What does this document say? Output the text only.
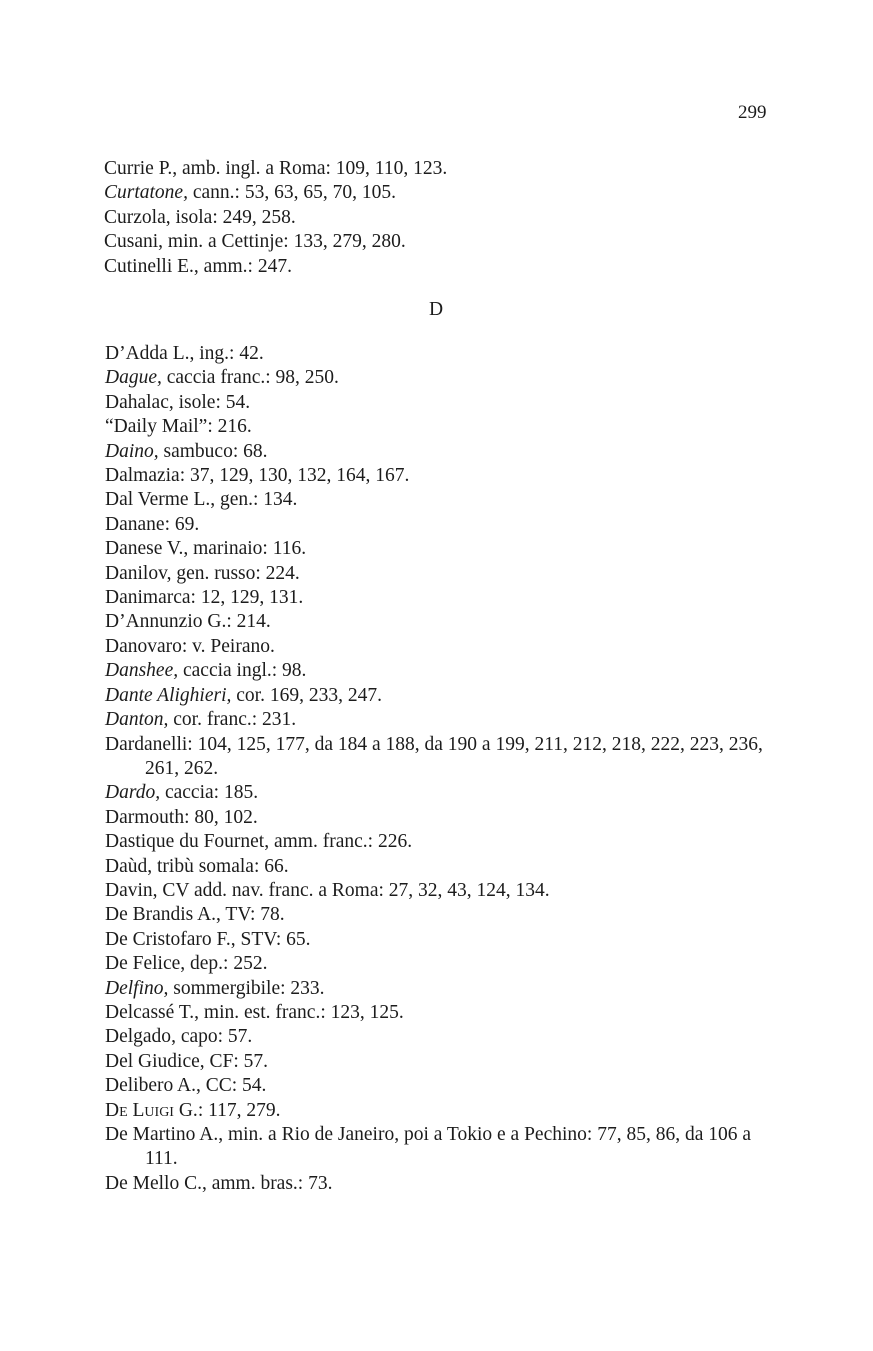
299
Currie P., amb. ingl. a Roma: 109, 110, 123.
Curtatone, cann.: 53, 63, 65, 70, 105.
Curzola, isola: 249, 258.
Cusani, min. a Cettinje: 133, 279, 280.
Cutinelli E., amm.: 247.
D
D’Adda L., ing.: 42.
Dague, caccia franc.: 98, 250.
Dahalac, isole: 54.
“Daily Mail”: 216.
Daino, sambuco: 68.
Dalmazia: 37, 129, 130, 132, 164, 167.
Dal Verme L., gen.: 134.
Danane: 69.
Danese V., marinaio: 116.
Danilov, gen. russo: 224.
Danimarca: 12, 129, 131.
D’Annunzio G.: 214.
Danovaro: v. Peirano.
Danshee, caccia ingl.: 98.
Dante Alighieri, cor. 169, 233, 247.
Danton, cor. franc.: 231.
Dardanelli: 104, 125, 177, da 184 a 188, da 190 a 199, 211, 212, 218, 222, 223, 236, 261, 262.
Dardo, caccia: 185.
Darmouth: 80, 102.
Dastique du Fournet, amm. franc.: 226.
Daùd, tribù somala: 66.
Davin, CV add. nav. franc. a Roma: 27, 32, 43, 124, 134.
De Brandis A., TV: 78.
De Cristofaro F., STV: 65.
De Felice, dep.: 252.
Delfino, sommergibile: 233.
Delcassé T., min. est. franc.: 123, 125.
Delgado, capo: 57.
Del Giudice, CF: 57.
Delibero A., CC: 54.
De Luigi G.: 117, 279.
De Martino A., min. a Rio de Janeiro, poi a Tokio e a Pechino: 77, 85, 86, da 106 a 111.
De Mello C., amm. bras.: 73.
